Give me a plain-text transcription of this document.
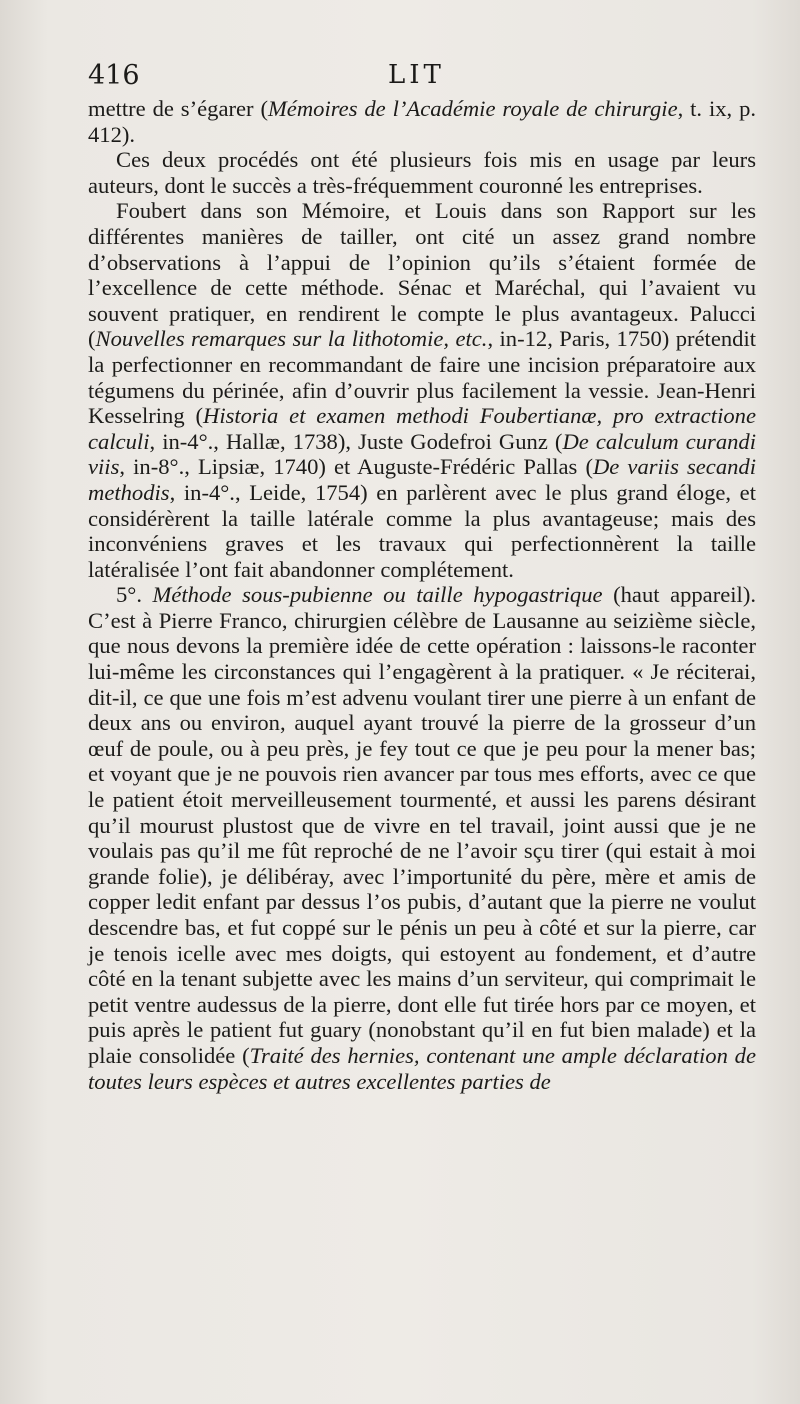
416	LIT

mettre de s’égarer (Mémoires de l’Académie royale de chirurgie, t. ix, p. 412).

Ces deux procédés ont été plusieurs fois mis en usage par leurs auteurs, dont le succès a très-fréquemment couronné les entreprises.

Foubert dans son Mémoire, et Louis dans son Rapport sur les différentes manières de tailler, ont cité un assez grand nombre d’observations à l’appui de l’opinion qu’ils s’étaient formée de l’excellence de cette méthode. Sénac et Maréchal, qui l’avaient vu souvent pratiquer, en rendirent le compte le plus avantageux. Palucci (Nouvelles remarques sur la lithotomie, etc., in-12, Paris, 1750) prétendit la perfectionner en recommandant de faire une incision préparatoire aux tégumens du périnée, afin d’ouvrir plus facilement la vessie. Jean-Henri Kesselring (Historia et examen methodi Foubertianæ, pro extractione calculi, in-4°., Hallæ, 1738), Juste Godefroi Gunz (De calculum curandi viis, in-8°., Lipsiæ, 1740) et Auguste-Frédéric Pallas (De variis secandi methodis, in-4°., Leide, 1754) en parlèrent avec le plus grand éloge, et considérèrent la taille latérale comme la plus avantageuse; mais des inconvéniens graves et les travaux qui perfectionnèrent la taille latéralisée l’ont fait abandonner complétement.

5°. Méthode sous-pubienne ou taille hypogastrique (haut appareil). C’est à Pierre Franco, chirurgien célèbre de Lausanne au seizième siècle, que nous devons la première idée de cette opération : laissons-le raconter lui-même les circonstances qui l’engagèrent à la pratiquer. « Je réciterai, dit-il, ce que une fois m’est advenu voulant tirer une pierre à un enfant de deux ans ou environ, auquel ayant trouvé la pierre de la grosseur d’un œuf de poule, ou à peu près, je fey tout ce que je peu pour la mener bas; et voyant que je ne pouvois rien avancer par tous mes efforts, avec ce que le patient étoit merveilleusement tourmenté, et aussi les parens désirant qu’il mourust plustost que de vivre en tel travail, joint aussi que je ne voulais pas qu’il me fût reproché de ne l’avoir sçu tirer (qui estait à moi grande folie), je délibéray, avec l’importunité du père, mère et amis de copper ledit enfant par dessus l’os pubis, d’autant que la pierre ne voulut descendre bas, et fut coppé sur le pénis un peu à côté et sur la pierre, car je tenois icelle avec mes doigts, qui estoyent au fondement, et d’autre côté en la tenant subjette avec les mains d’un serviteur, qui comprimait le petit ventre audessus de la pierre, dont elle fut tirée hors par ce moyen, et puis après le patient fut guary (nonobstant qu’il en fut bien malade) et la plaie consolidée (Traité des hernies, contenant une ample déclaration de toutes leurs espèces et autres excellentes parties de
